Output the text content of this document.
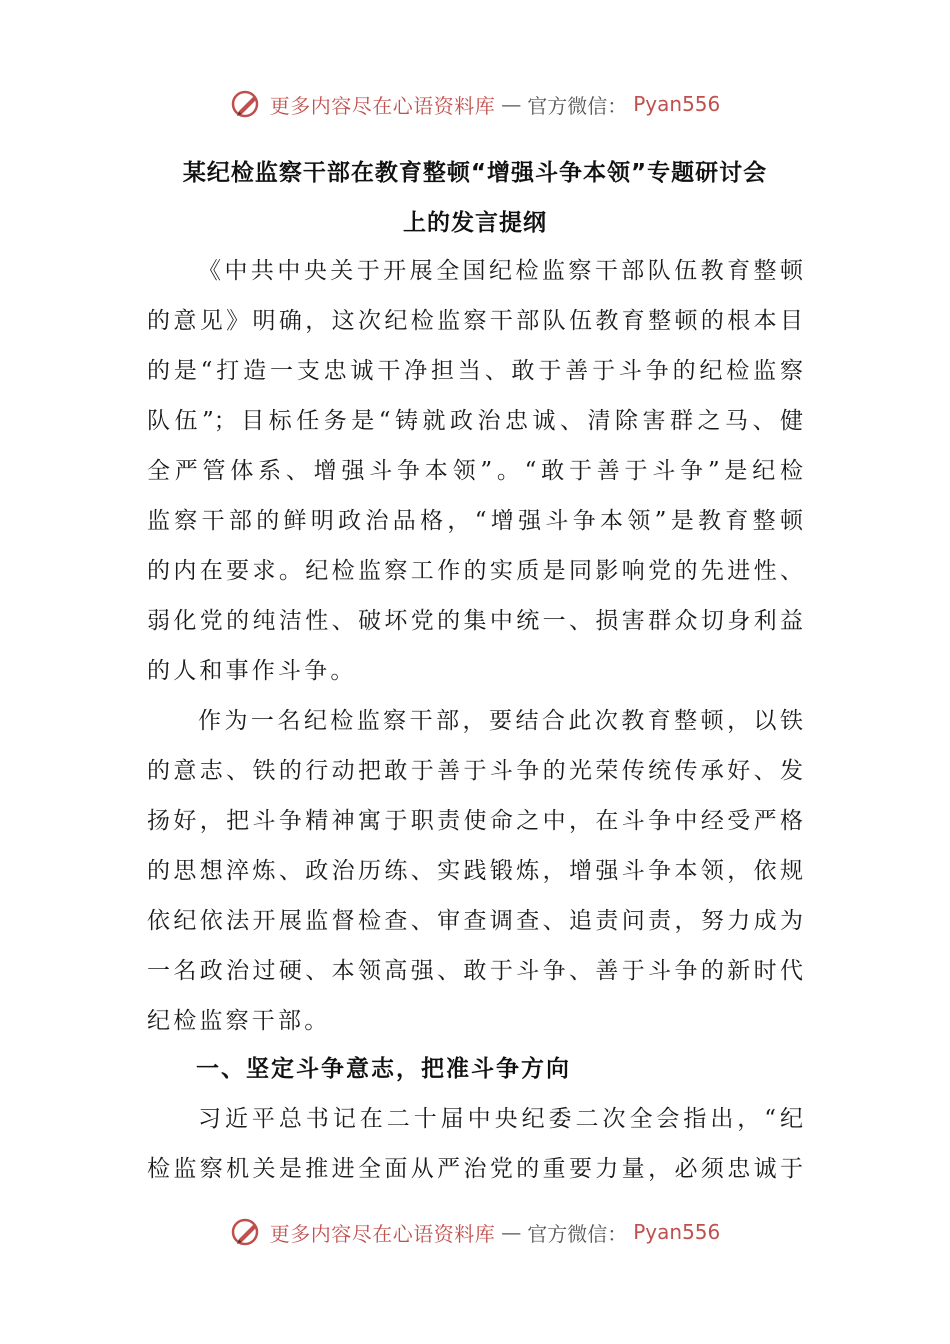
更多内容尽在心语资料库 — 官方微信： Pyan556
某纪检监察干部在教育整顿“增强斗争本领”专题研讨会
上的发言提纲
《中共中央关于开展全国纪检监察干部队伍教育整顿
的意见》明确，这次纪检监察干部队伍教育整顿的根本目
的是“打造一支忠诚干净担当、敢于善于斗争的纪检监察
队伍”；目标任务是“铸就政治忠诚、清除害群之马、健
全严管体系、增强斗争本领”。“敢于善于斗争”是纪检
监察干部的鲜明政治品格，“增强斗争本领”是教育整顿
的内在要求。纪检监察工作的实质是同影响党的先进性、
弱化党的纯洁性、破坏党的集中统一、损害群众切身利益
的人和事作斗争。
作为一名纪检监察干部，要结合此次教育整顿，以铁
的意志、铁的行动把敢于善于斗争的光荣传统传承好、发
扬好，把斗争精神寓于职责使命之中，在斗争中经受严格
的思想淬炼、政治历练、实践锻炼，增强斗争本领，依规
依纪依法开展监督检查、审查调查、追责问责，努力成为
一名政治过硬、本领高强、敢于斗争、善于斗争的新时代
纪检监察干部。
一、坚定斗争意志，把准斗争方向
习近平总书记在二十届中央纪委二次全会指出，“纪
检监察机关是推进全面从严治党的重要力量，必须忠诚于
更多内容尽在心语资料库 — 官方微信： Pyan556
